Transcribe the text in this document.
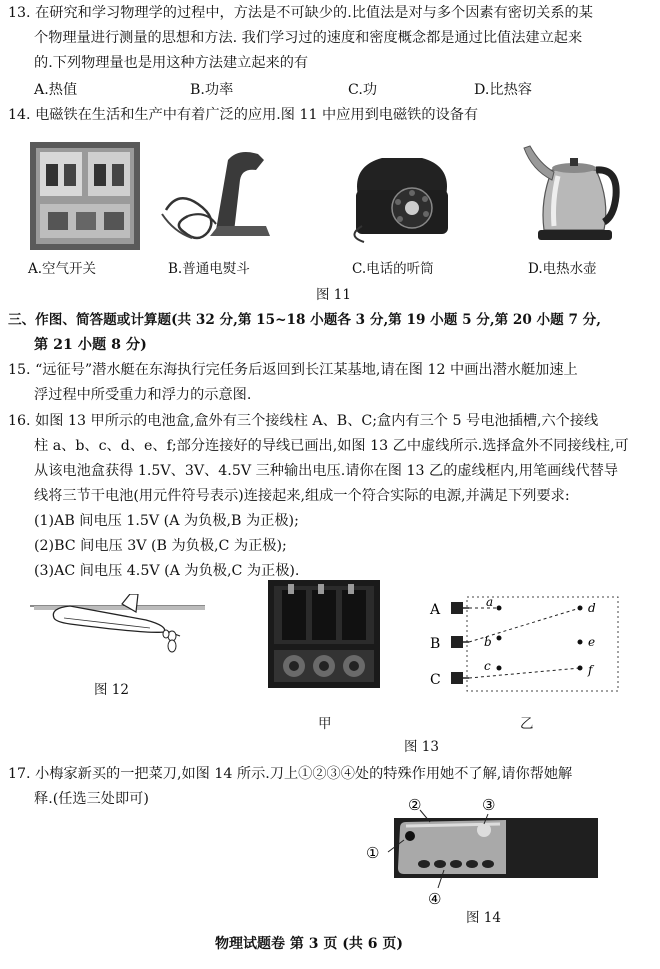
13. 在研究和学习物理学的过程中，方法是不可缺少的.比值法是对与多个因素有密切关系的某
个物理量进行测量的思想和方法. 我们学习过的速度和密度概念都是通过比值法建立起来
的.下列物理量也是用这种方法建立起来的有
A.热值	B.功率	C.功	D.比热容
14. 电磁铁在生活和生产中有着广泛的应用.图 11 中应用到电磁铁的设备有
A.空气开关	B.普通电熨斗	C.电话的听筒	D.电热水壶
图 11
三、作图、简答题或计算题(共 32 分,第 15~18 小题各 3 分,第 19 小题 5 分,第 20 小题 7 分,
第 21 小题 8 分)
15. “远征号”潜水艇在东海执行完任务后返回到长江某基地,请在图 12 中画出潜水艇加速上
浮过程中所受重力和浮力的示意图.
16. 如图 13 甲所示的电池盒,盒外有三个接线柱 A、B、C;盒内有三个 5 号电池插槽,六个接线
柱 a、b、c、d、e、f;部分连接好的导线已画出,如图 13 乙中虚线所示.选择盒外不同接线柱,可
从该电池盒获得 1.5V、3V、4.5V 三种输出电压.请你在图 13 乙的虚线框内,用笔画线代替导
线将三节干电池(用元件符号表示)连接起来,组成一个符合实际的电源,并满足下列要求:
(1)AB 间电压 1.5V (A 为负极,B 为正极);
(2)BC 间电压 3V (B 为负极,C 为正极);
(3)AC 间电压 4.5V (A 为负极,C 为正极).
图 12
甲
A
B
C
a
b
c
d
e
f
乙
图 13
17. 小梅家新买的一把菜刀,如图 14 所示.刀上①②③④处的特殊作用她不了解,请你帮她解
释.(任选三处即可)	②	③
①
④
图 14
物理试题卷 第 3 页 (共 6 页)
